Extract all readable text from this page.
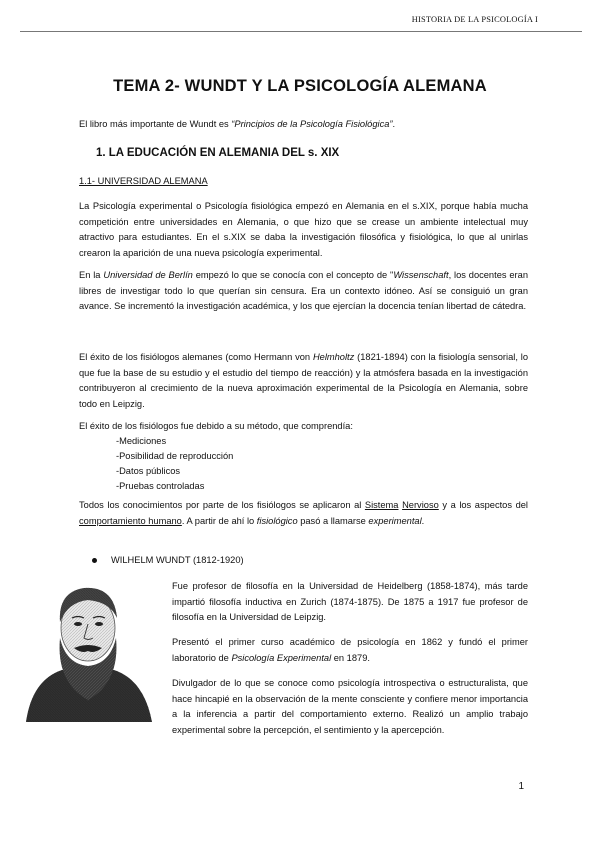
HISTORIA DE LA PSICOLOGÍA I
TEMA 2- WUNDT Y LA PSICOLOGÍA ALEMANA

El libro más importante de Wundt es “Principios de la Psicología Fisiológica”.

1. LA EDUCACIÓN EN ALEMANIA DEL s. XIX
1.1- UNIVERSIDAD ALEMANA

La Psicología experimental o Psicología fisiológica empezó en Alemania en el s.XIX, porque había mucha competición entre universidades en Alemania, o que hizo que se crease un ambiente intelectual muy atractivo para estudiantes. En el s.XIX se daba la investigación filosófica y fisiológica, lo que al unirlas crearon la aparición de una nueva psicología experimental.

En la Universidad de Berlín empezó lo que se conocía con el concepto de "Wissenschaft, los docentes eran libres de investigar todo lo que querían sin censura. Era un contexto idóneo. Así se consiguió un gran avance. Se incrementó la investigación académica, y los que ejercían la docencia tenían libertad de cátedra.

El éxito de los fisiólogos alemanes (como Hermann von Helmholtz (1821-1894) con la fisiología sensorial, lo que fue la base de su estudio y el estudio del tiempo de reacción) y la atmósfera basada en la investigación contribuyeron al crecimiento de la nueva aproximación experimental de la Psicología en Alemania, sobre todo en Leipzig.

El éxito de los fisiólogos fue debido a su método, que comprendía:

-Mediciones
-Posibilidad de reproducción
-Datos públicos
-Pruebas controladas

Todos los conocimientos por parte de los fisiólogos se aplicaron al Sistema Nervioso y a los aspectos del comportamiento humano. A partir de ahí lo fisiológico pasó a llamarse experimental.

WILHELM WUNDT (1812-1920)

Fue profesor de filosofía en la Universidad de Heidelberg (1858-1874), más tarde impartió filosofía inductiva en Zurich (1874-1875). De 1875 a 1917 fue profesor de filosofía en la Universidad de Leipzig.

Presentó el primer curso académico de psicología en 1862 y fundó el primer laboratorio de Psicología Experimental en 1879.

Divulgador de lo que se conoce como psicología introspectiva o estructuralista, que hace hincapié en la observación de la mente consciente y confiere menor importancia a la inferencia a partir del comportamiento externo. Realizó un amplio trabajo experimental sobre la percepción, el sentimiento y la apercepción.

1
